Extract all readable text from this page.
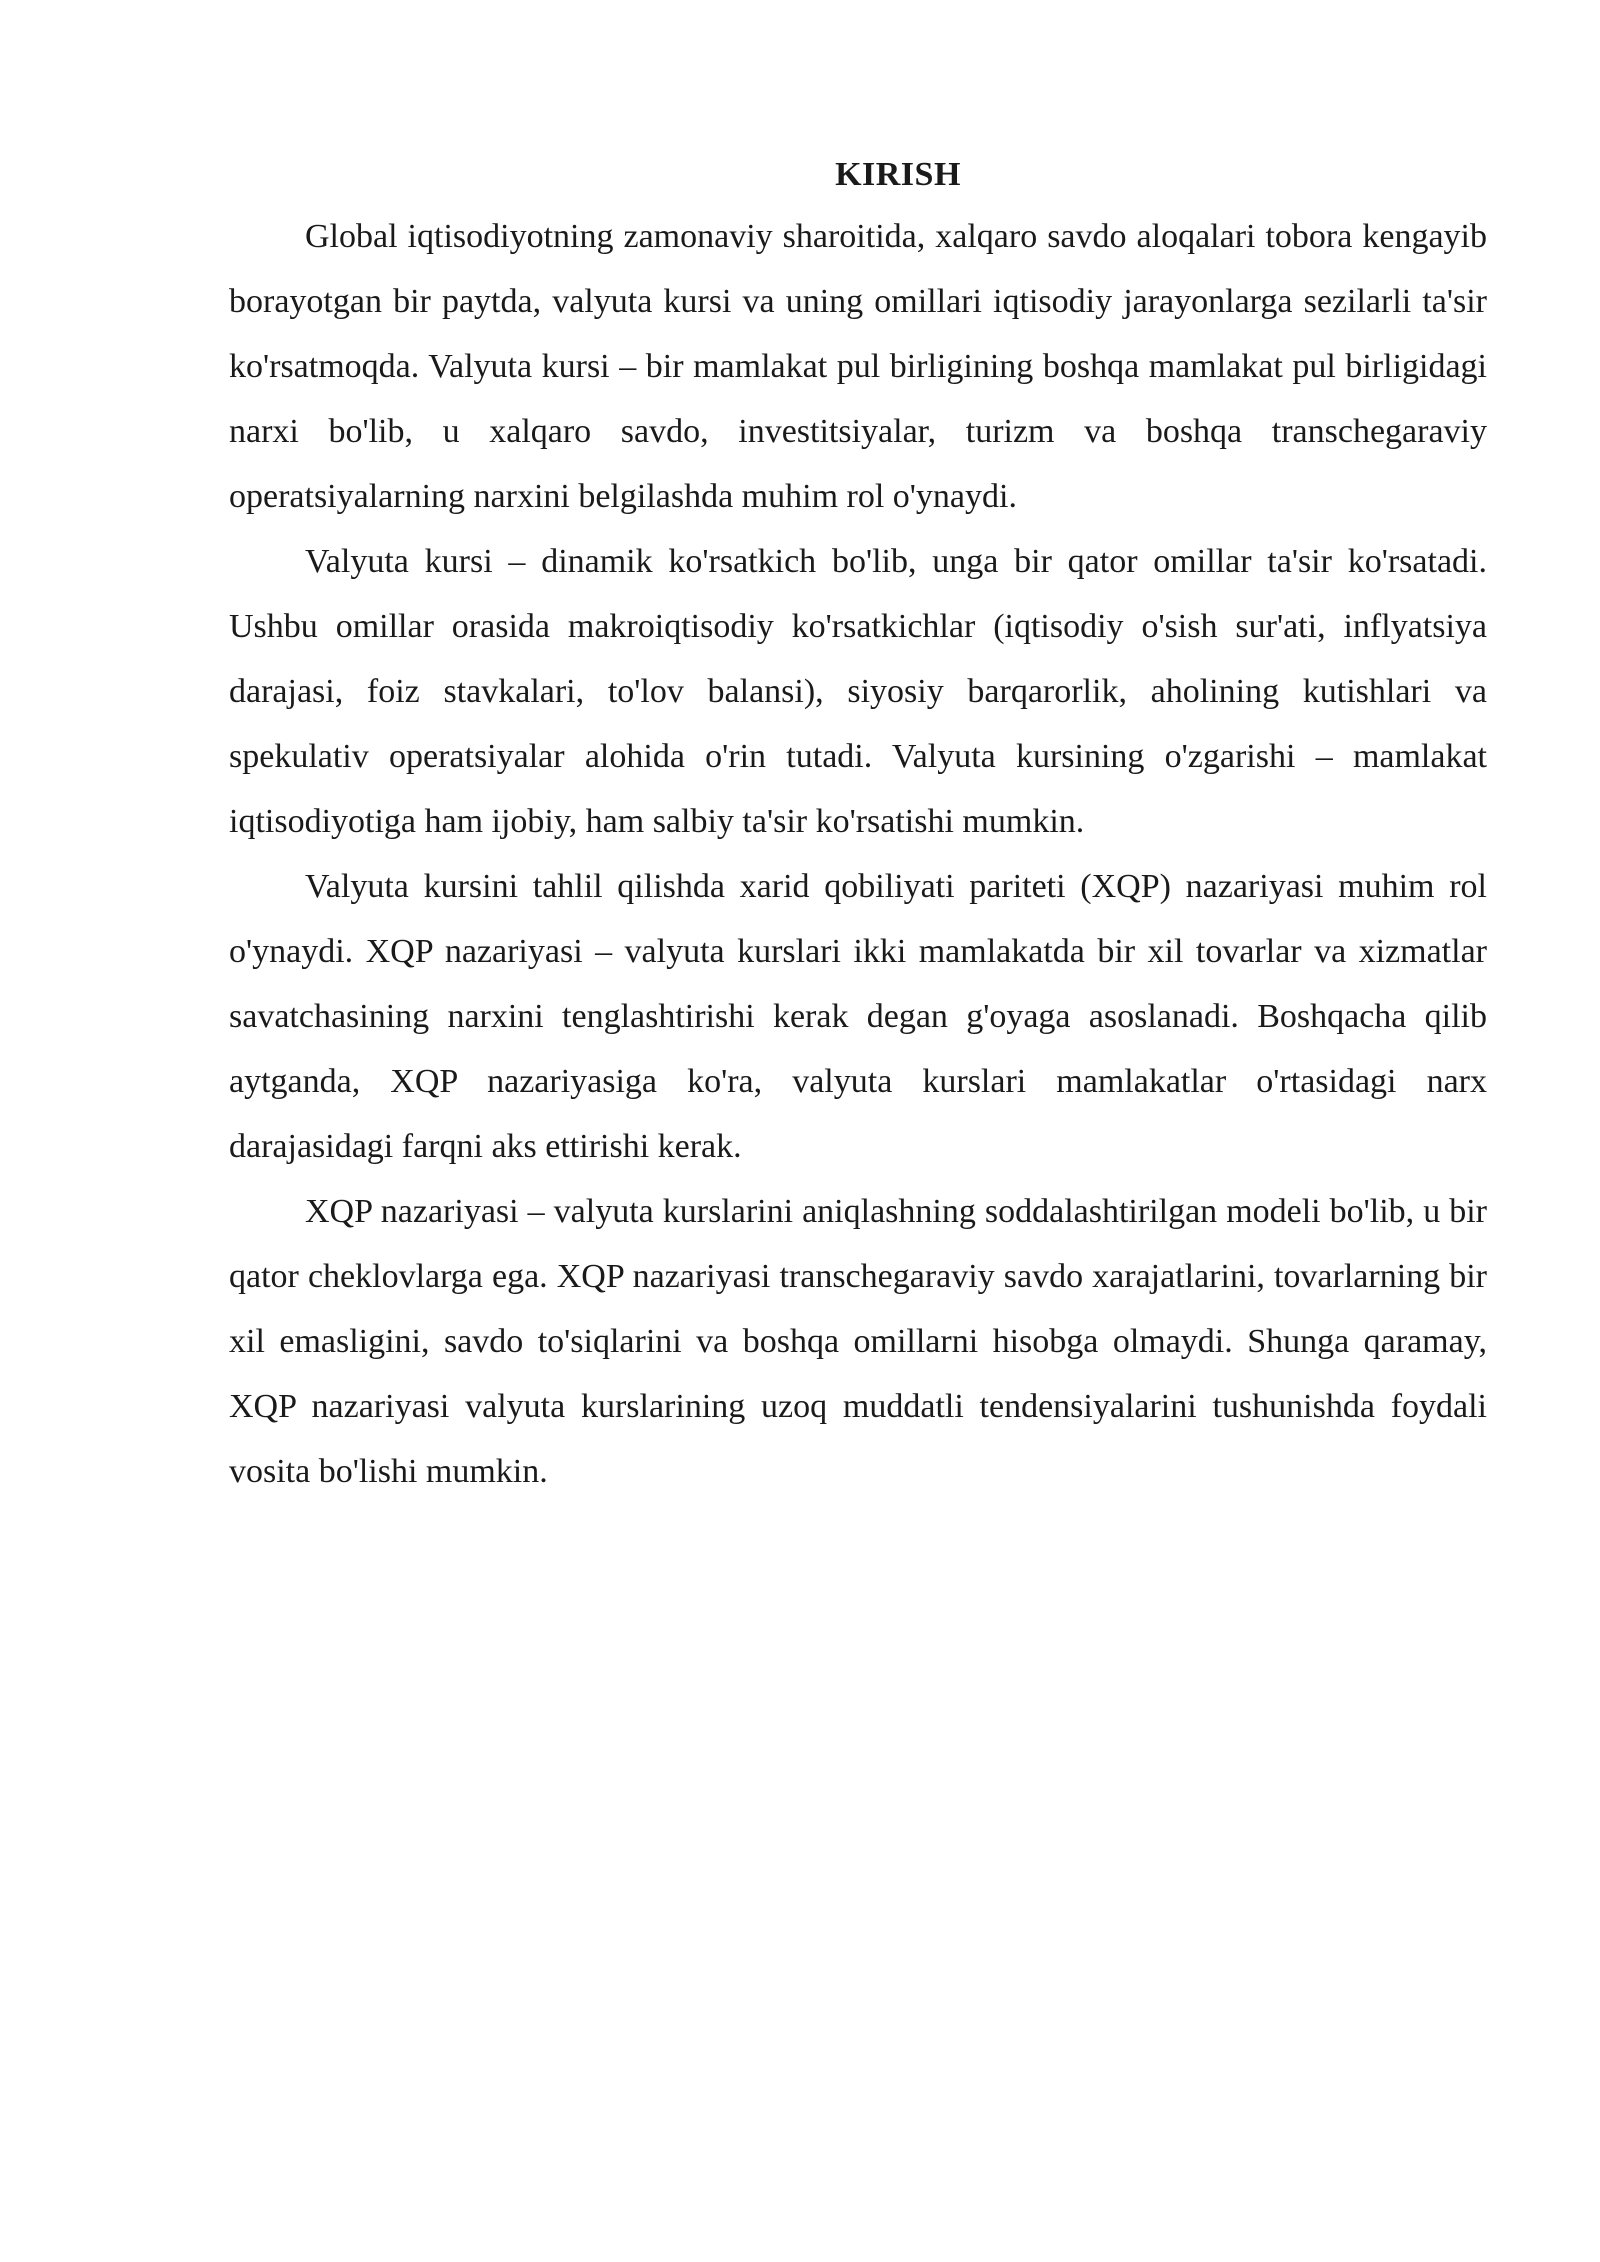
KIRISH

Global iqtisodiyotning zamonaviy sharoitida, xalqaro savdo aloqalari tobora kengayib borayotgan bir paytda, valyuta kursi va uning omillari iqtisodiy jarayonlarga sezilarli ta'sir ko'rsatmoqda. Valyuta kursi – bir mamlakat pul birligining boshqa mamlakat pul birligidagi narxi bo'lib, u xalqaro savdo, investitsiyalar, turizm va boshqa transchegaraviy operatsiyalarning narxini belgilashda muhim rol o'ynaydi.

Valyuta kursi – dinamik ko'rsatkich bo'lib, unga bir qator omillar ta'sir ko'rsatadi. Ushbu omillar orasida makroiqtisodiy ko'rsatkichlar (iqtisodiy o'sish sur'ati, inflyatsiya darajasi, foiz stavkalari, to'lov balansi), siyosiy barqarorlik, aholining kutishlari va spekulativ operatsiyalar alohida o'rin tutadi. Valyuta kursining o'zgarishi – mamlakat iqtisodiyotiga ham ijobiy, ham salbiy ta'sir ko'rsatishi mumkin.

Valyuta kursini tahlil qilishda xarid qobiliyati pariteti (XQP) nazariyasi muhim rol o'ynaydi. XQP nazariyasi – valyuta kurslari ikki mamlakatda bir xil tovarlar va xizmatlar savatchasining narxini tenglashtirishi kerak degan g'oyaga asoslanadi. Boshqacha qilib aytganda, XQP nazariyasiga ko'ra, valyuta kurslari mamlakatlar o'rtasidagi narx darajasidagi farqni aks ettirishi kerak.

XQP nazariyasi – valyuta kurslarini aniqlashning soddalashtirilgan modeli bo'lib, u bir qator cheklovlarga ega. XQP nazariyasi transchegaraviy savdo xarajatlarini, tovarlarning bir xil emasligini, savdo to'siqlarini va boshqa omillarni hisobga olmaydi. Shunga qaramay, XQP nazariyasi valyuta kurslarining uzoq muddatli tendensiyalarini tushunishda foydali vosita bo'lishi mumkin.
